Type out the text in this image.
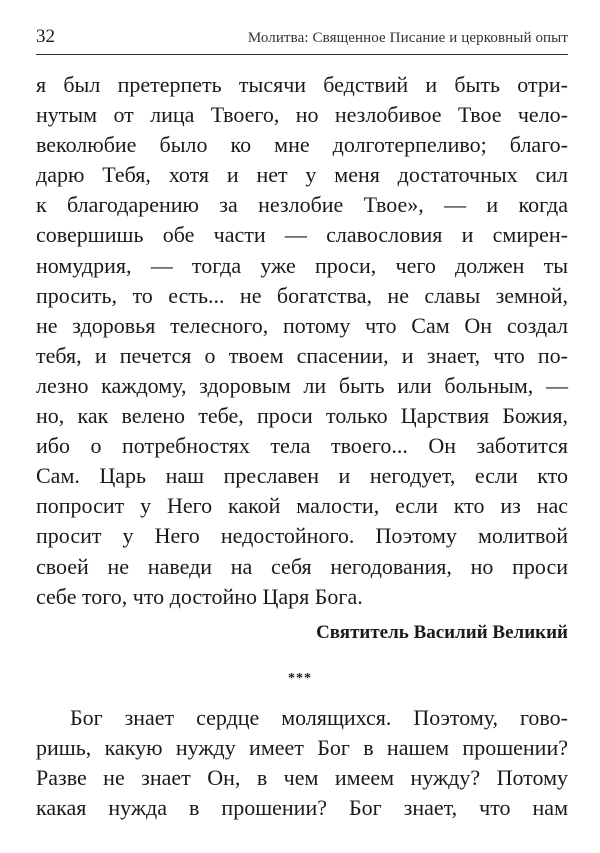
32	Молитва: Священное Писание и церковный опыт
я был претерпеть тысячи бедствий и быть отри-
нутым от лица Твоего, но незлобивое Твое чело-
веколюбие было ко мне долготерпеливо; благо-
дарю Тебя, хотя и нет у меня достаточных сил
к благодарению за незлобие Твое», — и когда
совершишь обе части — славословия и смирен-
номудрия, — тогда уже проси, чего должен ты
просить, то есть... не богатства, не славы земной,
не здоровья телесного, потому что Сам Он создал
тебя, и печется о твоем спасении, и знает, что по-
лезно каждому, здоровым ли быть или больным, —
но, как велено тебе, проси только Царствия Божия,
ибо о потребностях тела твоего... Он заботится
Сам. Царь наш преславен и негодует, если кто
попросит у Него какой малости, если кто из нас
просит у Него недостойного. Поэтому молитвой
своей не наведи на себя негодования, но проси
себе того, что достойно Царя Бога.
Святитель Василий Великий
***
Бог знает сердце молящихся. Поэтому, гово-
ришь, какую нужду имеет Бог в нашем прошении?
Разве не знает Он, в чем имеем нужду? Потому
какая нужда в прошении? Бог знает, что нам
